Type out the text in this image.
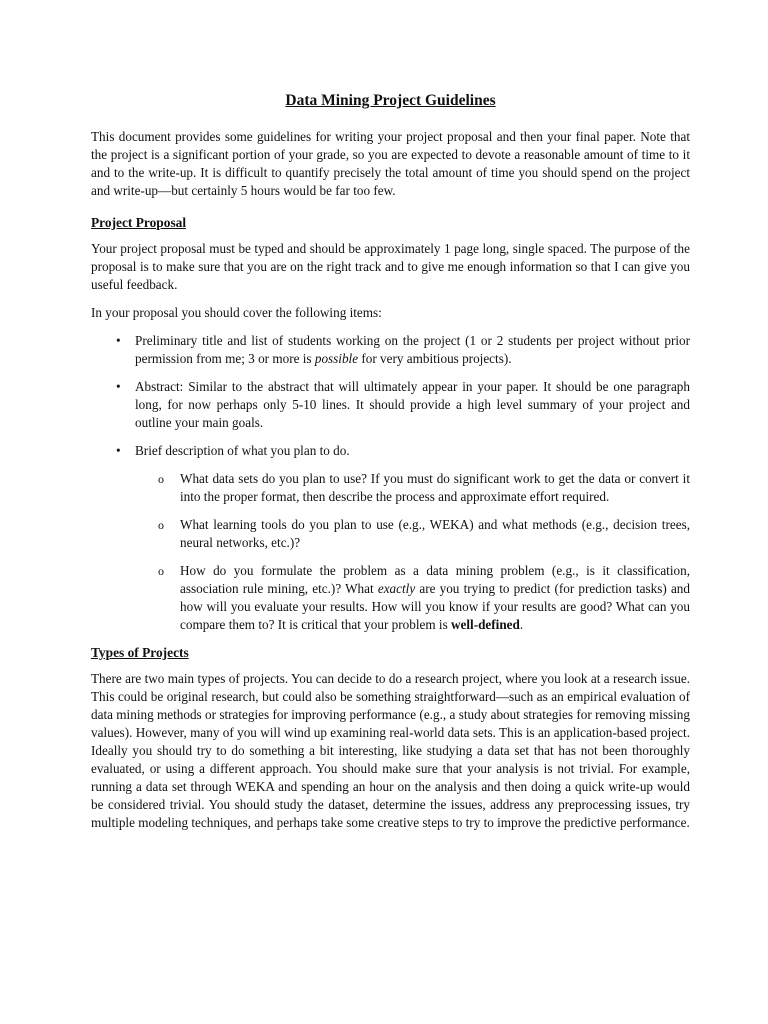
Data Mining Project Guidelines

This document provides some guidelines for writing your project proposal and then your final paper. Note that the project is a significant portion of your grade, so you are expected to devote a reasonable amount of time to it and to the write-up. It is difficult to quantify precisely the total amount of time you should spend on the project and write-up—but certainly 5 hours would be far too few.

Project Proposal

Your project proposal must be typed and should be approximately 1 page long, single spaced. The purpose of the proposal is to make sure that you are on the right track and to give me enough information so that I can give you useful feedback.

In your proposal you should cover the following items:

• Preliminary title and list of students working on the project (1 or 2 students per project without prior permission from me; 3 or more is possible for very ambitious projects).
• Abstract: Similar to the abstract that will ultimately appear in your paper. It should be one paragraph long, for now perhaps only 5-10 lines. It should provide a high level summary of your project and outline your main goals.
• Brief description of what you plan to do.
o What data sets do you plan to use? If you must do significant work to get the data or convert it into the proper format, then describe the process and approximate effort required.
o What learning tools do you plan to use (e.g., WEKA) and what methods (e.g., decision trees, neural networks, etc.)?
o How do you formulate the problem as a data mining problem (e.g., is it classification, association rule mining, etc.)? What exactly are you trying to predict (for prediction tasks) and how will you evaluate your results. How will you know if your results are good? What can you compare them to? It is critical that your problem is well-defined.
Types of Projects

There are two main types of projects. You can decide to do a research project, where you look at a research issue. This could be original research, but could also be something straightforward—such as an empirical evaluation of data mining methods or strategies for improving performance (e.g., a study about strategies for removing missing values). However, many of you will wind up examining real-world data sets. This is an application-based project. Ideally you should try to do something a bit interesting, like studying a data set that has not been thoroughly evaluated, or using a different approach. You should make sure that your analysis is not trivial. For example, running a data set through WEKA and spending an hour on the analysis and then doing a quick write-up would be considered trivial. You should study the dataset, determine the issues, address any preprocessing issues, try multiple modeling techniques, and perhaps take some creative steps to try to improve the predictive performance.
